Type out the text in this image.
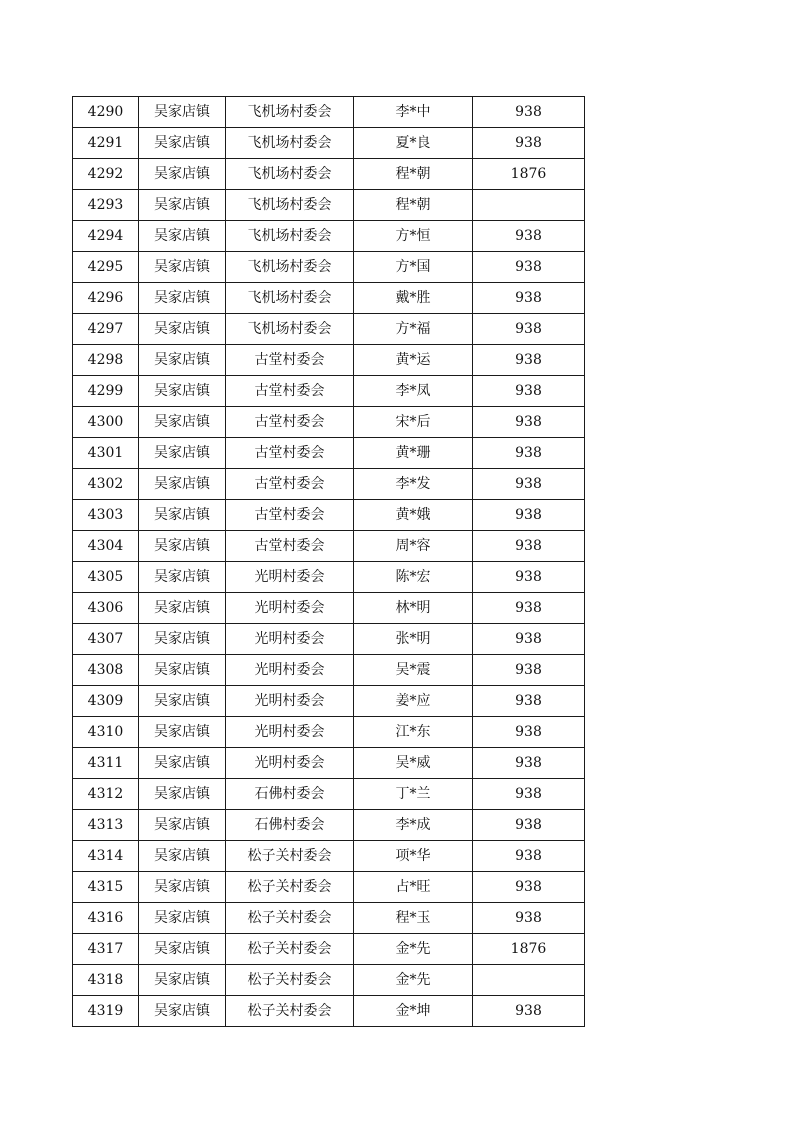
4290	吴家店镇	飞机场村委会	李*中	938
4291	吴家店镇	飞机场村委会	夏*良	938
4292	吴家店镇	飞机场村委会	程*朝	1876
4293	吴家店镇	飞机场村委会	程*朝	
4294	吴家店镇	飞机场村委会	方*恒	938
4295	吴家店镇	飞机场村委会	方*国	938
4296	吴家店镇	飞机场村委会	戴*胜	938
4297	吴家店镇	飞机场村委会	方*福	938
4298	吴家店镇	古堂村委会	黄*运	938
4299	吴家店镇	古堂村委会	李*凤	938
4300	吴家店镇	古堂村委会	宋*后	938
4301	吴家店镇	古堂村委会	黄*珊	938
4302	吴家店镇	古堂村委会	李*发	938
4303	吴家店镇	古堂村委会	黄*娥	938
4304	吴家店镇	古堂村委会	周*容	938
4305	吴家店镇	光明村委会	陈*宏	938
4306	吴家店镇	光明村委会	林*明	938
4307	吴家店镇	光明村委会	张*明	938
4308	吴家店镇	光明村委会	吴*震	938
4309	吴家店镇	光明村委会	姜*应	938
4310	吴家店镇	光明村委会	江*东	938
4311	吴家店镇	光明村委会	吴*威	938
4312	吴家店镇	石佛村委会	丁*兰	938
4313	吴家店镇	石佛村委会	李*成	938
4314	吴家店镇	松子关村委会	项*华	938
4315	吴家店镇	松子关村委会	占*旺	938
4316	吴家店镇	松子关村委会	程*玉	938
4317	吴家店镇	松子关村委会	金*先	1876
4318	吴家店镇	松子关村委会	金*先	
4319	吴家店镇	松子关村委会	金*坤	938
